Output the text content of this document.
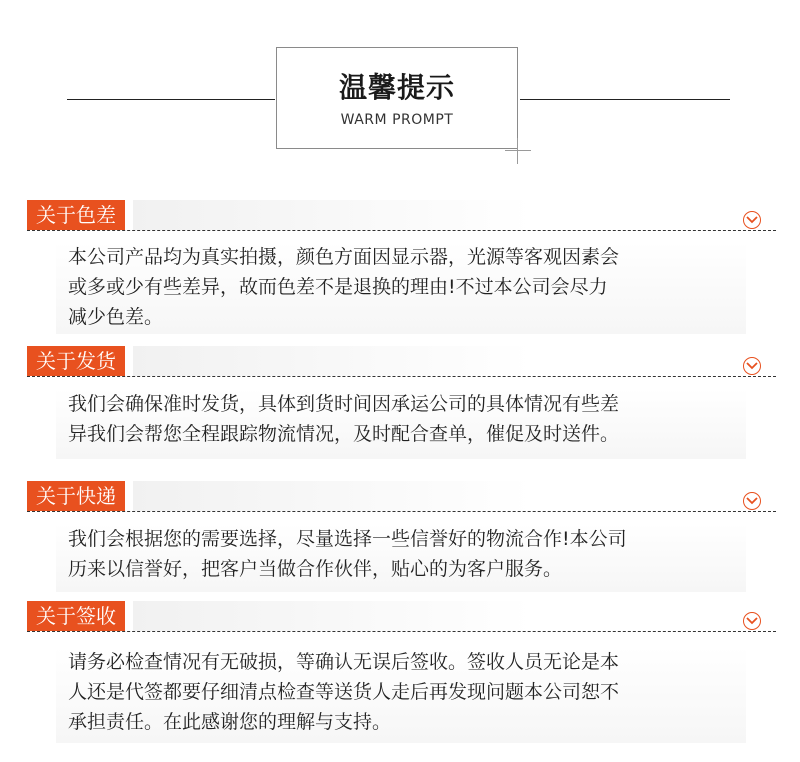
温馨提示
WARM PROMPT
关于色差
本公司产品均为真实拍摄，颜色方面因显示器，光源等客观因素会
或多或少有些差异，故而色差不是退换的理由!不过本公司会尽力
减少色差。
关于发货
我们会确保准时发货，具体到货时间因承运公司的具体情况有些差
异我们会帮您全程跟踪物流情况，及时配合查单，催促及时送件。
关于快递
我们会根据您的需要选择，尽量选择一些信誉好的物流合作!本公司
历来以信誉好，把客户当做合作伙伴，贴心的为客户服务。
关于签收
请务必检查情况有无破损，等确认无误后签收。签收人员无论是本
人还是代签都要仔细清点检查等送货人走后再发现问题本公司恕不
承担责任。在此感谢您的理解与支持。
